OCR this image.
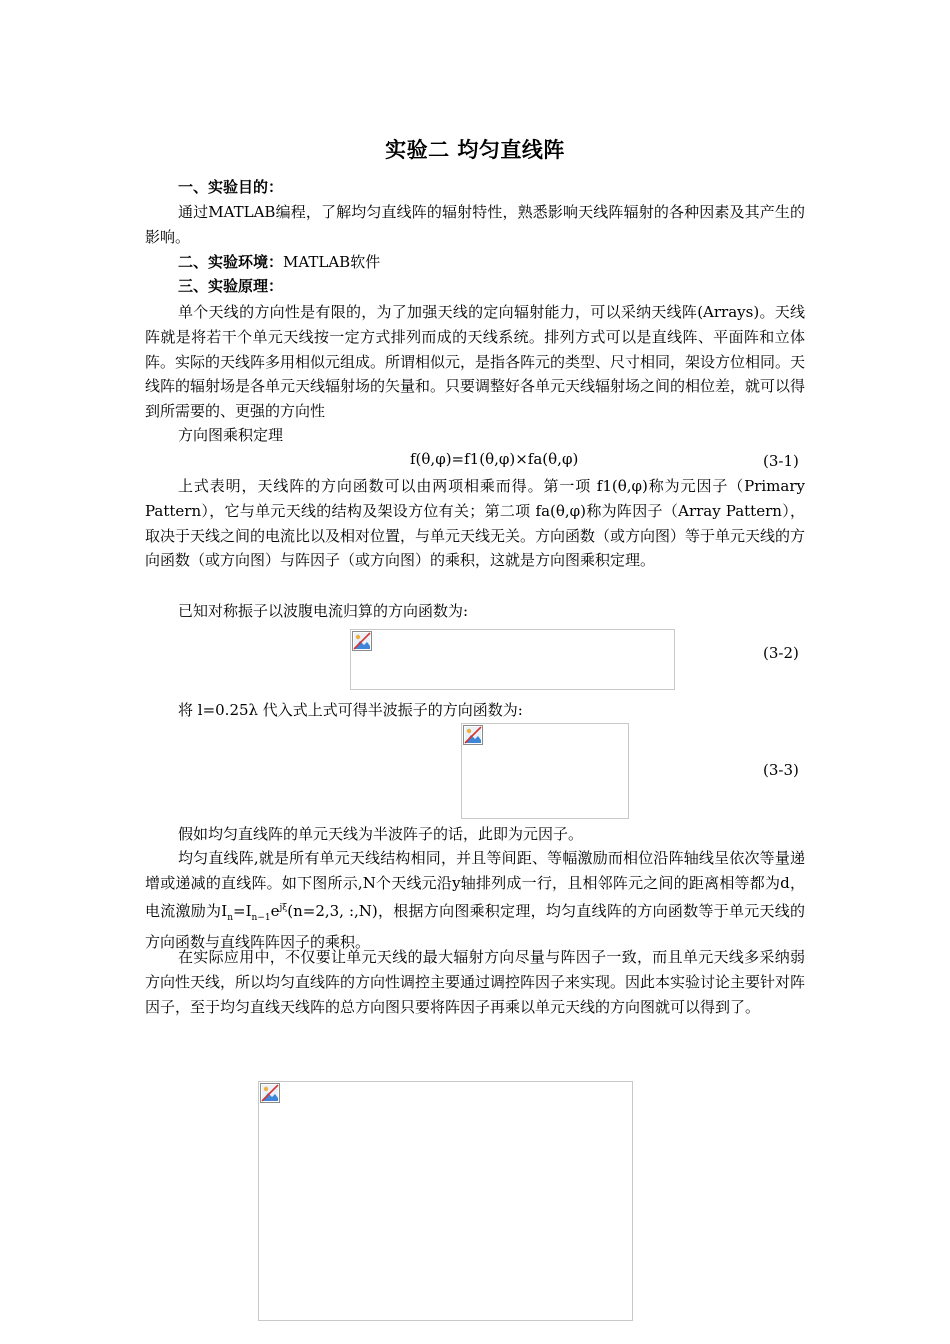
实验二 均匀直线阵
一、实验目的：

通过MATLAB编程，了解均匀直线阵的辐射特性，熟悉影响天线阵辐射的各种因素及其产生的影响。

二、实验环境：MATLAB软件
三、实验原理：

单个天线的方向性是有限的，为了加强天线的定向辐射能力，可以采纳天线阵(Arrays)。天线阵就是将若干个单元天线按一定方式排列而成的天线系统。排列方式可以是直线阵、平面阵和立体阵。实际的天线阵多用相似元组成。所谓相似元，是指各阵元的类型、尺寸相同，架设方位相同。天线阵的辐射场是各单元天线辐射场的矢量和。只要调整好各单元天线辐射场之间的相位差，就可以得到所需要的、更强的方向性

方向图乘积定理
f(θ,φ)=f1(θ,φ)×fa(θ,φ)	(3-1)

上式表明，天线阵的方向函数可以由两项相乘而得。第一项 f1(θ,φ)称为元因子（Primary Pattern），它与单元天线的结构及架设方位有关；第二项 fa(θ,φ)称为阵因子（Array Pattern），取决于天线之间的电流比以及相对位置，与单元天线无关。方向函数（或方向图）等于单元天线的方向函数（或方向图）与阵因子（或方向图）的乘积，这就是方向图乘积定理。

已知对称振子以波腹电流归算的方向函数为:
(3-2)
将 l=0.25λ 代入式上式可得半波振子的方向函数为:
(3-3)
假如均匀直线阵的单元天线为半波阵子的话，此即为元因子。

均匀直线阵,就是所有单元天线结构相同，并且等间距、等幅激励而相位沿阵轴线呈依次等量递增或递减的直线阵。如下图所示,N个天线元沿y轴排列成一行，且相邻阵元之间的距离相等都为d，电流激励为$I_n=I_{n-1}e^{j\xi}(n=2,3$, :,N)，根据方向图乘积定理，均匀直线阵的方向函数等于单元天线的方向函数与直线阵阵因子的乘积。

在实际应用中，不仅要让单元天线的最大辐射方向尽量与阵因子一致，而且单元天线多采纳弱方向性天线，所以均匀直线阵的方向性调控主要通过调控阵因子来实现。因此本实验讨论主要针对阵因子，至于均匀直线天线阵的总方向图只要将阵因子再乘以单元天线的方向图就可以得到了。
